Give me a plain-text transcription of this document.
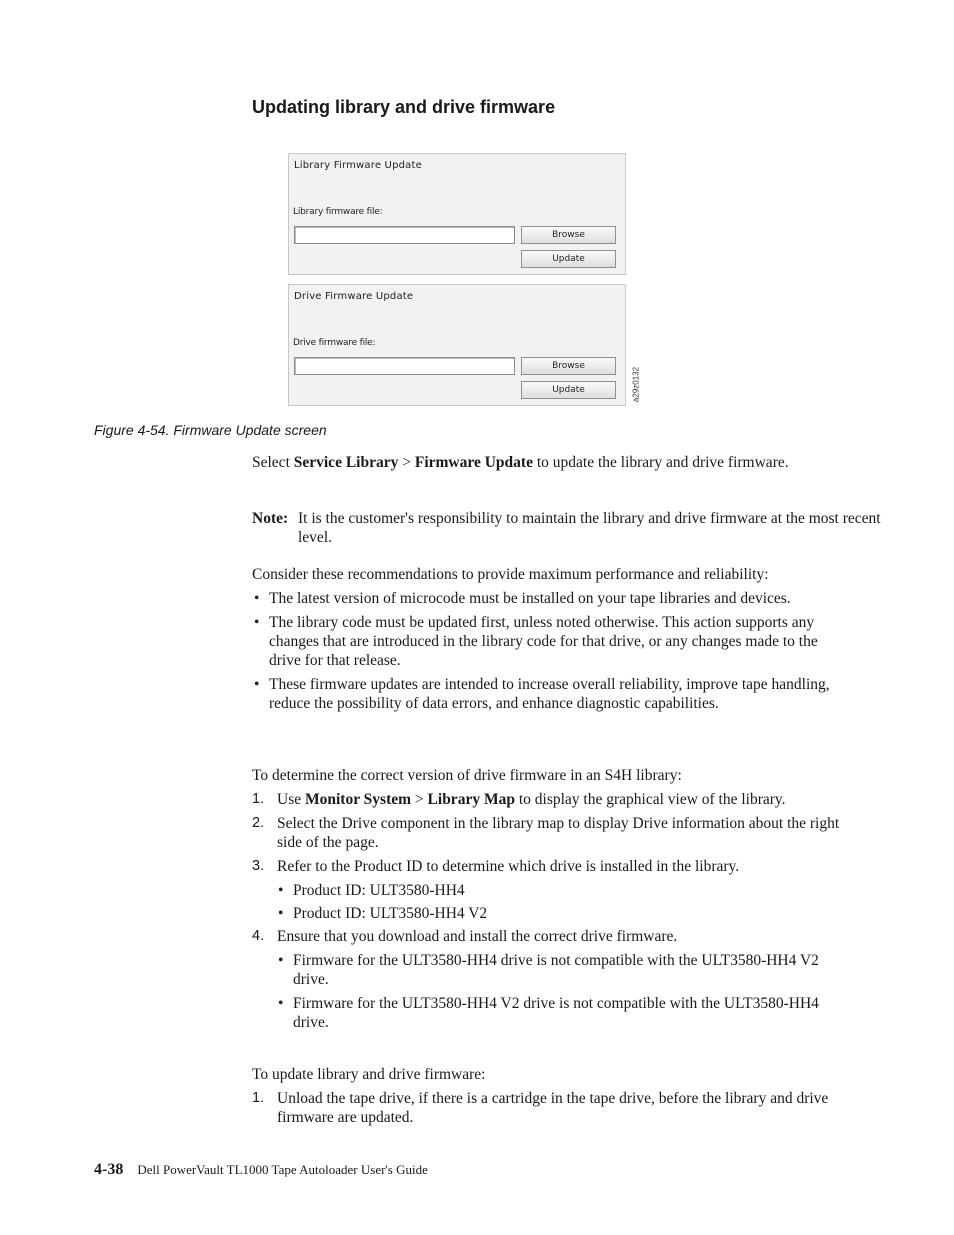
Updating library and drive firmware
Library Firmware Update
Library firmware file:
Browse
Update
Drive Firmware Update
Drive firmware file:
Browse
Update	a29z0132
Figure 4-54. Firmware Update screen

Select Service Library > Firmware Update to update the library and drive firmware.

Note: It is the customer's responsibility to maintain the library and drive firmware at the most recent level.

Consider these recommendations to provide maximum performance and reliability:

• The latest version of microcode must be installed on your tape libraries and devices.

• The library code must be updated first, unless noted otherwise. This action supports any changes that are introduced in the library code for that drive, or any changes made to the drive for that release.

• These firmware updates are intended to increase overall reliability, improve tape handling, reduce the possibility of data errors, and enhance diagnostic capabilities.

To determine the correct version of drive firmware in an S4H library:

1. Use Monitor System > Library Map to display the graphical view of the library.

2. Select the Drive component in the library map to display Drive information about the right side of the page.

3. Refer to the Product ID to determine which drive is installed in the library.

• Product ID: ULT3580-HH4

• Product ID: ULT3580-HH4 V2

4. Ensure that you download and install the correct drive firmware.

• Firmware for the ULT3580-HH4 drive is not compatible with the ULT3580-HH4 V2 drive.

• Firmware for the ULT3580-HH4 V2 drive is not compatible with the ULT3580-HH4 drive.

To update library and drive firmware:

1. Unload the tape drive, if there is a cartridge in the tape drive, before the library and drive firmware are updated.

4-38 Dell PowerVault TL1000 Tape Autoloader User's Guide
